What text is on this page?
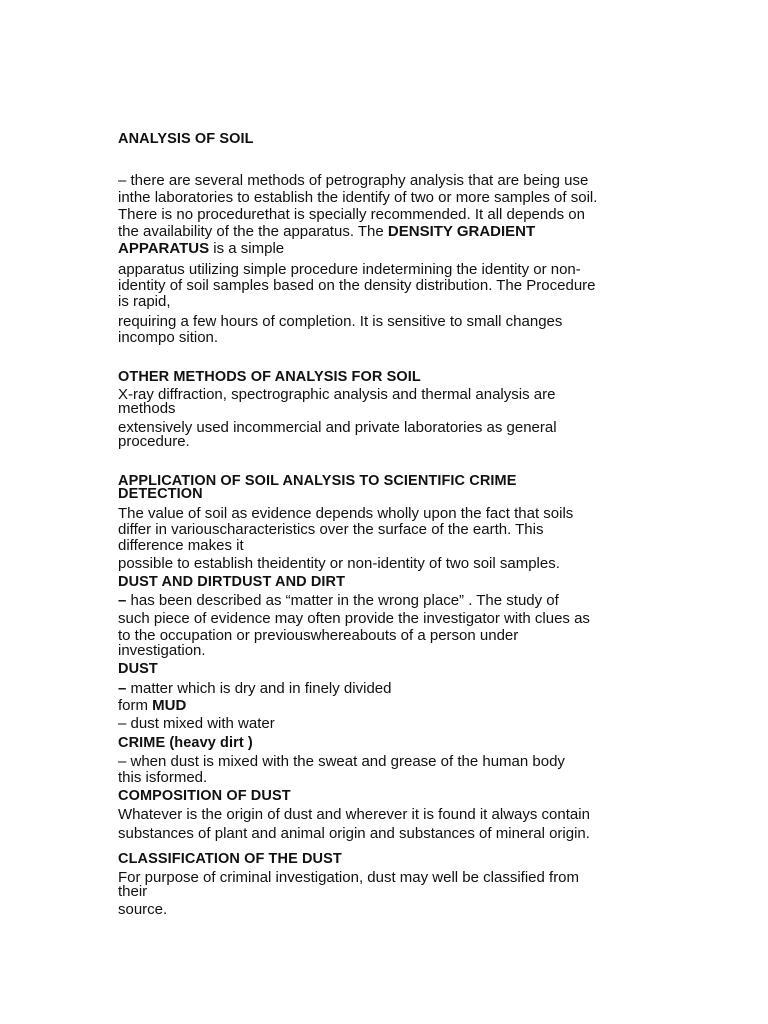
ANALYSIS OF SOIL
– there are several methods of petrography analysis that are being use
inthe laboratories to establish the identify of two or more samples of soil.
There is no procedurethat is specially recommended. It all depends on
the availability of the the apparatus. The DENSITY GRADIENT
APPARATUS is a simple
apparatus utilizing simple procedure indetermining the identity or non-
identity of soil samples based on the density distribution. The Procedure
is rapid,
requiring a few hours of completion. It is sensitive to small changes
incompo sition.
OTHER METHODS OF ANALYSIS FOR SOIL
X-ray diffraction, spectrographic analysis and thermal analysis are
methods
extensively used incommercial and private laboratories as general
procedure.
APPLICATION OF SOIL ANALYSIS TO SCIENTIFIC CRIME
DETECTION
The value of soil as evidence depends wholly upon the fact that soils
differ in variouscharacteristics over the surface of the earth. This
difference makes it
possible to establish theidentity or non-identity of two soil samples.
DUST AND DIRTDUST AND DIRT
– has been described as “matter in the wrong place” . The study of
such piece of evidence may often provide the investigator with clues as
to the occupation or previouswhereabouts of a person under
investigation.
DUST
– matter which is dry and in finely divided
form MUD
– dust mixed with water
CRIME (heavy dirt )
– when dust is mixed with the sweat and grease of the human body
this isformed.
COMPOSITION OF DUST
Whatever is the origin of dust and wherever it is found it always contain
substances of plant and animal origin and substances of mineral origin.
CLASSIFICATION OF THE DUST
For purpose of criminal investigation, dust may well be classified from
their
source.
